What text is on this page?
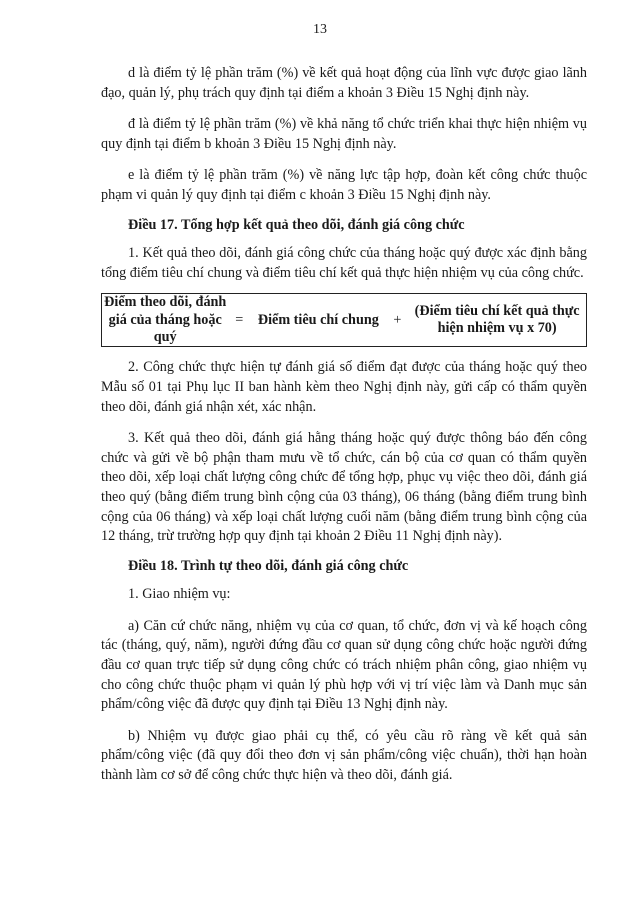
13

d là điểm tỷ lệ phần trăm (%) về kết quả hoạt động của lĩnh vực được giao lãnh đạo, quản lý, phụ trách quy định tại điểm a khoản 3 Điều 15 Nghị định này.

đ là điểm tỷ lệ phần trăm (%) về khả năng tổ chức triển khai thực hiện nhiệm vụ quy định tại điểm b khoản 3 Điều 15 Nghị định này.

e là điểm tỷ lệ phần trăm (%) về năng lực tập hợp, đoàn kết công chức thuộc phạm vi quản lý quy định tại điểm c khoản 3 Điều 15 Nghị định này.

Điều 17. Tổng hợp kết quả theo dõi, đánh giá công chức

1. Kết quả theo dõi, đánh giá công chức của tháng hoặc quý được xác định bằng tổng điểm tiêu chí chung và điểm tiêu chí kết quả thực hiện nhiệm vụ của công chức.

Điểm theo dõi, đánh giá của tháng hoặc quý
=	Điểm tiêu chí chung	+
(Điểm tiêu chí kết quả thực hiện nhiệm vụ x 70)

2. Công chức thực hiện tự đánh giá số điểm đạt được của tháng hoặc quý theo Mẫu số 01 tại Phụ lục II ban hành kèm theo Nghị định này, gửi cấp có thẩm quyền theo dõi, đánh giá nhận xét, xác nhận.

3. Kết quả theo dõi, đánh giá hằng tháng hoặc quý được thông báo đến công chức và gửi về bộ phận tham mưu về tổ chức, cán bộ của cơ quan có thẩm quyền theo dõi, xếp loại chất lượng công chức để tổng hợp, phục vụ việc theo dõi, đánh giá theo quý (bằng điểm trung bình cộng của 03 tháng), 06 tháng (bằng điểm trung bình cộng của 06 tháng) và xếp loại chất lượng cuối năm (bằng điểm trung bình cộng của 12 tháng, trừ trường hợp quy định tại khoản 2 Điều 11 Nghị định này).

Điều 18. Trình tự theo dõi, đánh giá công chức

1. Giao nhiệm vụ:

a) Căn cứ chức năng, nhiệm vụ của cơ quan, tổ chức, đơn vị và kế hoạch công tác (tháng, quý, năm), người đứng đầu cơ quan sử dụng công chức hoặc người đứng đầu cơ quan trực tiếp sử dụng công chức có trách nhiệm phân công, giao nhiệm vụ cho công chức thuộc phạm vi quản lý phù hợp với vị trí việc làm và Danh mục sản phẩm/công việc đã được quy định tại Điều 13 Nghị định này.

b) Nhiệm vụ được giao phải cụ thể, có yêu cầu rõ ràng về kết quả sản phẩm/công việc (đã quy đổi theo đơn vị sản phẩm/công việc chuẩn), thời hạn hoàn thành làm cơ sở để công chức thực hiện và theo dõi, đánh giá.
